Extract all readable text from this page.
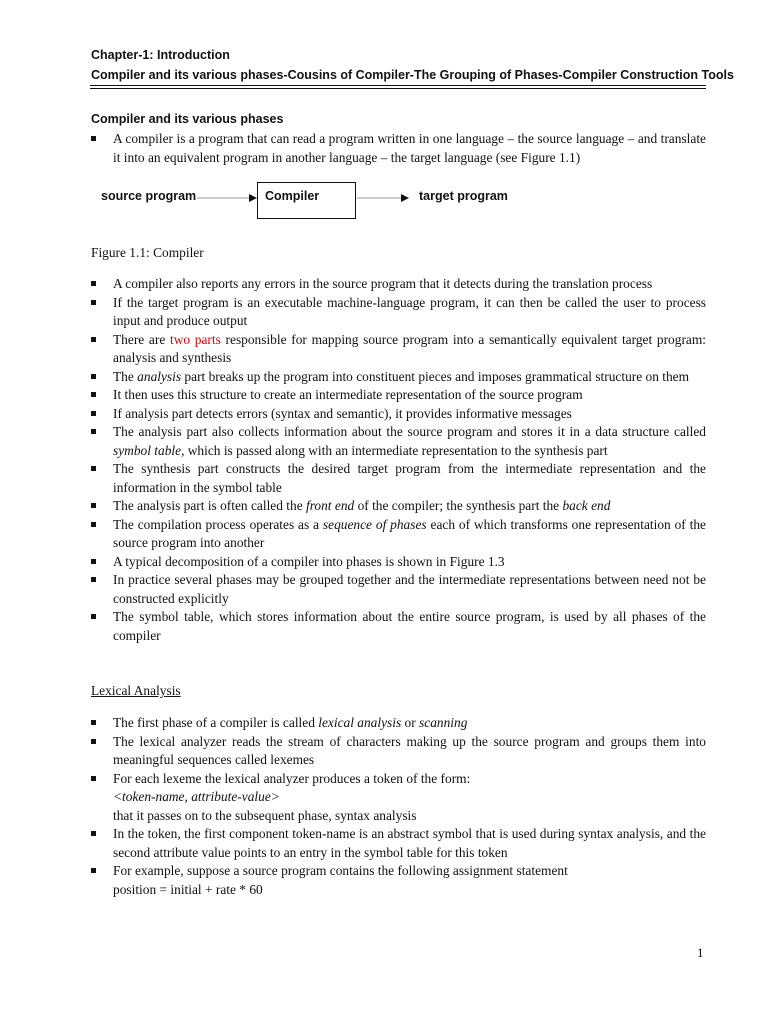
Chapter-1: Introduction
Compiler and its various phases-Cousins of Compiler-The Grouping of Phases-Compiler Construction Tools
Compiler and its various phases
A compiler is a program that can read a program written in one language – the source language – and translate it into an equivalent program in another language – the target language (see Figure 1.1)
source program	Compiler	target program
Figure 1.1: Compiler
A compiler also reports any errors in the source program that it detects during the translation process
If the target program is an executable machine-language program, it can then be called the user to process input and produce output
There are two parts responsible for mapping source program into a semantically equivalent target program: analysis and synthesis
The analysis part breaks up the program into constituent pieces and imposes grammatical structure on them
It then uses this structure to create an intermediate representation of the source program
If analysis part detects errors (syntax and semantic), it provides informative messages
The analysis part also collects information about the source program and stores it in a data structure called symbol table, which is passed along with an intermediate representation to the synthesis part
The synthesis part constructs the desired target program from the intermediate representation and the information in the symbol table
The analysis part is often called the front end of the compiler; the synthesis part the back end
The compilation process operates as a sequence of phases each of which transforms one representation of the source program into another
A typical decomposition of a compiler into phases is shown in Figure 1.3
In practice several phases may be grouped together and the intermediate representations between need not be constructed explicitly
The symbol table, which stores information about the entire source program, is used by all phases of the compiler
Lexical Analysis
The first phase of a compiler is called lexical analysis or scanning
The lexical analyzer reads the stream of characters making up the source program and groups them into meaningful sequences called lexemes
For each lexeme the lexical analyzer produces a token of the form:
<token-name, attribute-value>
that it passes on to the subsequent phase, syntax analysis
In the token, the first component token-name is an abstract symbol that is used during syntax analysis, and the second attribute value points to an entry in the symbol table for this token
For example, suppose a source program contains the following assignment statement
position = initial + rate * 60
1
